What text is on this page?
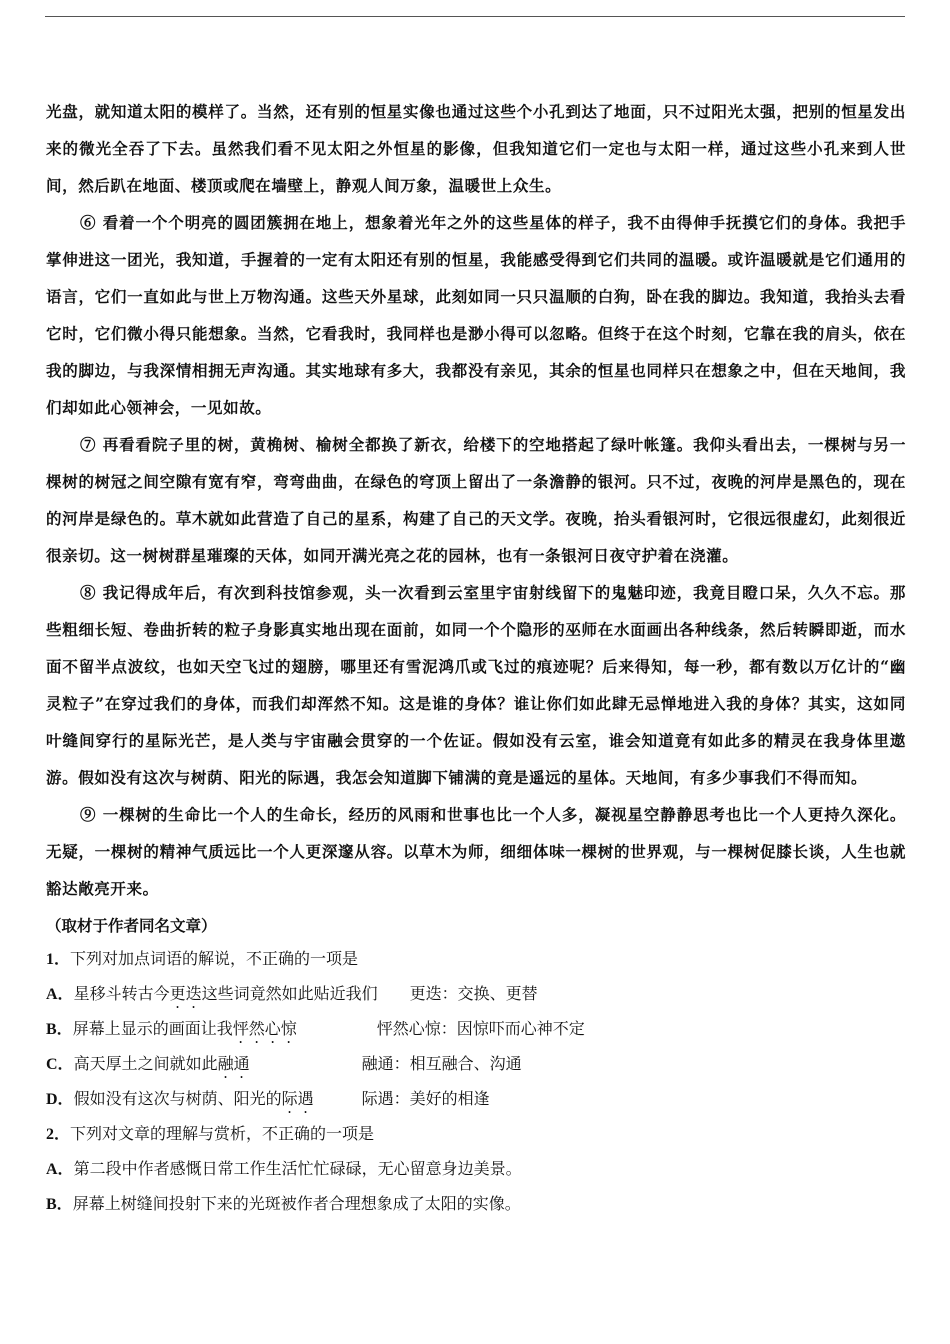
光盘，就知道太阳的模样了。当然，还有别的恒星实像也通过这些个小孔到达了地面，只不过阳光太强，把别的恒星发出来的微光全吞了下去。虽然我们看不见太阳之外恒星的影像，但我知道它们一定也与太阳一样，通过这些小孔来到人世间，然后趴在地面、楼顶或爬在墙壁上，静观人间万象，温暖世上众生。

⑥ 看着一个个明亮的圆团簇拥在地上，想象着光年之外的这些星体的样子，我不由得伸手抚摸它们的身体。我把手掌伸进这一团光，我知道，手握着的一定有太阳还有别的恒星，我能感受得到它们共同的温暖。或许温暖就是它们通用的语言，它们一直如此与世上万物沟通。这些天外星球，此刻如同一只只温顺的白狗，卧在我的脚边。我知道，我抬头去看它时，它们微小得只能想象。当然，它看我时，我同样也是渺小得可以忽略。但终于在这个时刻，它靠在我的肩头，依在我的脚边，与我深情相拥无声沟通。其实地球有多大，我都没有亲见，其余的恒星也同样只在想象之中，但在天地间，我们却如此心领神会，一见如故。

⑦ 再看看院子里的树，黄桷树、榆树全都换了新衣，给楼下的空地搭起了绿叶帐篷。我仰头看出去，一棵树与另一棵树的树冠之间空隙有宽有窄，弯弯曲曲，在绿色的穹顶上留出了一条澹静的银河。只不过，夜晚的河岸是黑色的，现在的河岸是绿色的。草木就如此营造了自己的星系，构建了自己的天文学。夜晚，抬头看银河时，它很远很虚幻，此刻很近很亲切。这一树树群星璀璨的天体，如同开满光亮之花的园林，也有一条银河日夜守护着在浇灌。

⑧ 我记得成年后，有次到科技馆参观，头一次看到云室里宇宙射线留下的鬼魅印迹，我竟目瞪口呆，久久不忘。那些粗细长短、卷曲折转的粒子身影真实地出现在面前，如同一个个隐形的巫师在水面画出各种线条，然后转瞬即逝，而水面不留半点波纹，也如天空飞过的翅膀，哪里还有雪泥鸿爪或飞过的痕迹呢？后来得知，每一秒，都有数以万亿计的“幽灵粒子”在穿过我们的身体，而我们却浑然不知。这是谁的身体？谁让你们如此肆无忌惮地进入我的身体？其实，这如同叶缝间穿行的星际光芒，是人类与宇宙融会贯穿的一个佐证。假如没有云室，谁会知道竟有如此多的精灵在我身体里遨游。假如没有这次与树荫、阳光的际遇，我怎会知道脚下铺满的竟是遥远的星体。天地间，有多少事我们不得而知。

⑨ 一棵树的生命比一个人的生命长，经历的风雨和世事也比一个人多，凝视星空静静思考也比一个人更持久深化。无疑，一棵树的精神气质远比一个人更深邃从容。以草木为师，细细体味一棵树的世界观，与一棵树促膝长谈，人生也就豁达敞亮开来。

（取材于作者同名文章）
1．下列对加点词语的解说，不正确的一项是
A．星移斗转古今更迭这些词竟然如此贴近我们 更迭：交换、更替
B．屏幕上显示的画面让我怦然心惊	怦然心惊：因惊吓而心神不定
C．高天厚土之间就如此融通	融通：相互融合、沟通
D．假如没有这次与树荫、阳光的际遇	际遇：美好的相逢
2．下列对文章的理解与赏析，不正确的一项是
A．第二段中作者感慨日常工作生活忙忙碌碌，无心留意身边美景。
B．屏幕上树缝间投射下来的光斑被作者合理想象成了太阳的实像。
